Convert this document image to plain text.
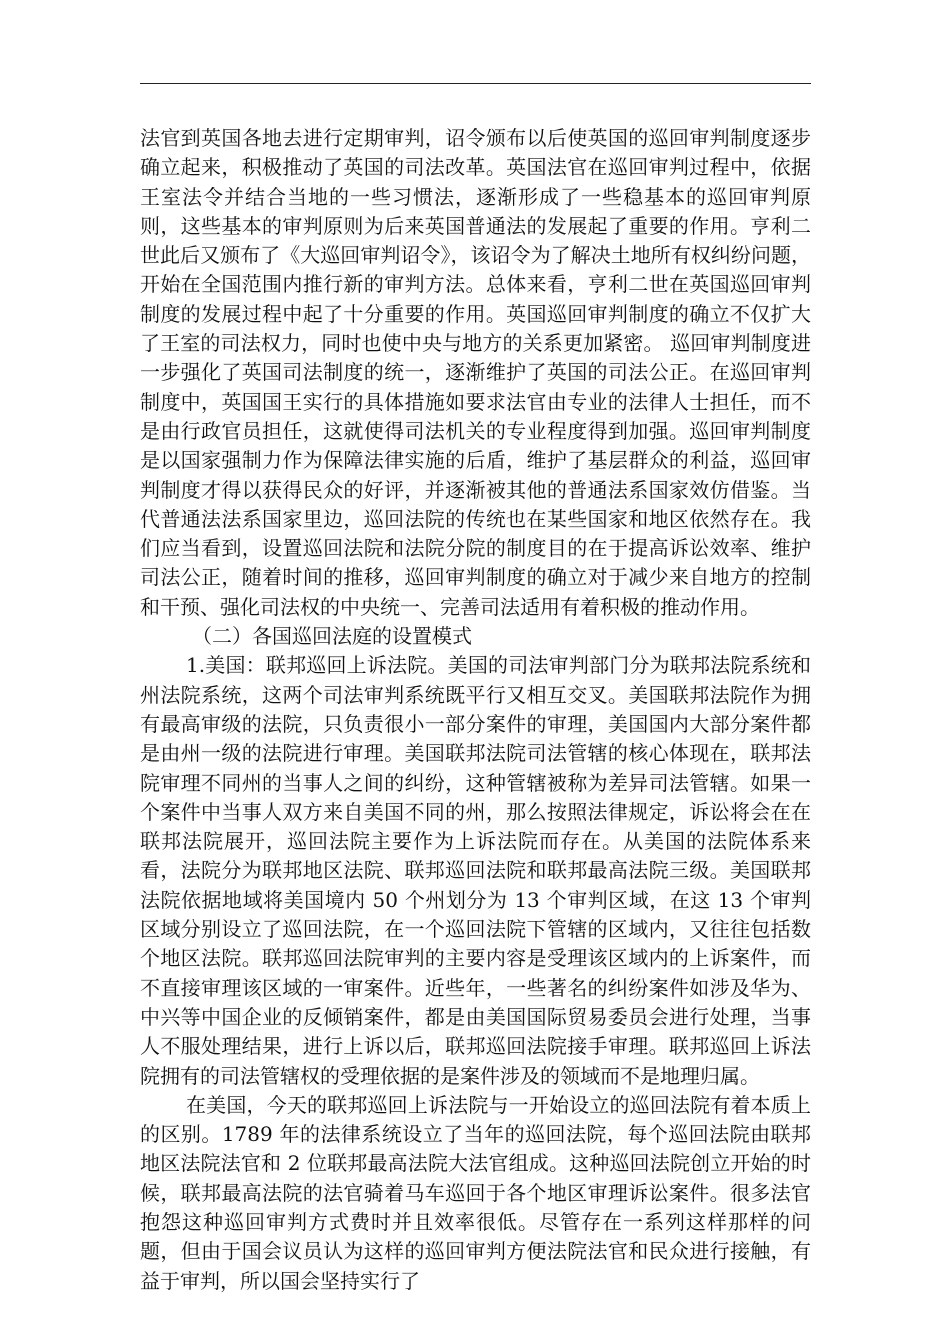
法官到英国各地去进行定期审判，诏令颁布以后使英国的巡回审判制度逐步确立起来，积极推动了英国的司法改革。英国法官在巡回审判过程中，依据王室法令并结合当地的一些习惯法，逐渐形成了一些稳基本的巡回审判原则，这些基本的审判原则为后来英国普通法的发展起了重要的作用。亨利二世此后又颁布了《大巡回审判诏令》，该诏令为了解决土地所有权纠纷问题，开始在全国范围内推行新的审判方法。总体来看，亨利二世在英国巡回审判制度的发展过程中起了十分重要的作用。英国巡回审判制度的确立不仅扩大了王室的司法权力，同时也使中央与地方的关系更加紧密。 巡回审判制度进一步强化了英国司法制度的统一，逐渐维护了英国的司法公正。在巡回审判制度中，英国国王实行的具体措施如要求法官由专业的法律人士担任，而不是由行政官员担任，这就使得司法机关的专业程度得到加强。巡回审判制度是以国家强制力作为保障法律实施的后盾，维护了基层群众的利益，巡回审判制度才得以获得民众的好评，并逐渐被其他的普通法系国家效仿借鉴。当代普通法法系国家里边，巡回法院的传统也在某些国家和地区依然存在。我们应当看到，设置巡回法院和法院分院的制度目的在于提高诉讼效率、维护司法公正，随着时间的推移，巡回审判制度的确立对于减少来自地方的控制和干预、强化司法权的中央统一、完善司法适用有着积极的推动作用。

（二）各国巡回法庭的设置模式

1.美国：联邦巡回上诉法院。美国的司法审判部门分为联邦法院系统和州法院系统，这两个司法审判系统既平行又相互交叉。美国联邦法院作为拥有最高审级的法院，只负责很小一部分案件的审理，美国国内大部分案件都是由州一级的法院进行审理。美国联邦法院司法管辖的核心体现在，联邦法院审理不同州的当事人之间的纠纷，这种管辖被称为差异司法管辖。如果一个案件中当事人双方来自美国不同的州，那么按照法律规定，诉讼将会在在联邦法院展开，巡回法院主要作为上诉法院而存在。从美国的法院体系来看，法院分为联邦地区法院、联邦巡回法院和联邦最高法院三级。美国联邦法院依据地域将美国境内 50 个州划分为 13 个审判区域，在这 13 个审判区域分别设立了巡回法院，在一个巡回法院下管辖的区域内，又往往包括数个地区法院。联邦巡回法院审判的主要内容是受理该区域内的上诉案件，而不直接审理该区域的一审案件。近些年，一些著名的纠纷案件如涉及华为、中兴等中国企业的反倾销案件，都是由美国国际贸易委员会进行处理，当事人不服处理结果，进行上诉以后，联邦巡回法院接手审理。联邦巡回上诉法院拥有的司法管辖权的受理依据的是案件涉及的领域而不是地理归属。

在美国，今天的联邦巡回上诉法院与一开始设立的巡回法院有着本质上的区别。1789 年的法律系统设立了当年的巡回法院，每个巡回法院由联邦地区法院法官和 2 位联邦最高法院大法官组成。这种巡回法院创立开始的时候，联邦最高法院的法官骑着马车巡回于各个地区审理诉讼案件。很多法官抱怨这种巡回审判方式费时并且效率很低。尽管存在一系列这样那样的问题，但由于国会议员认为这样的巡回审判方便法院法官和民众进行接触，有益于审判，所以国会坚持实行了
